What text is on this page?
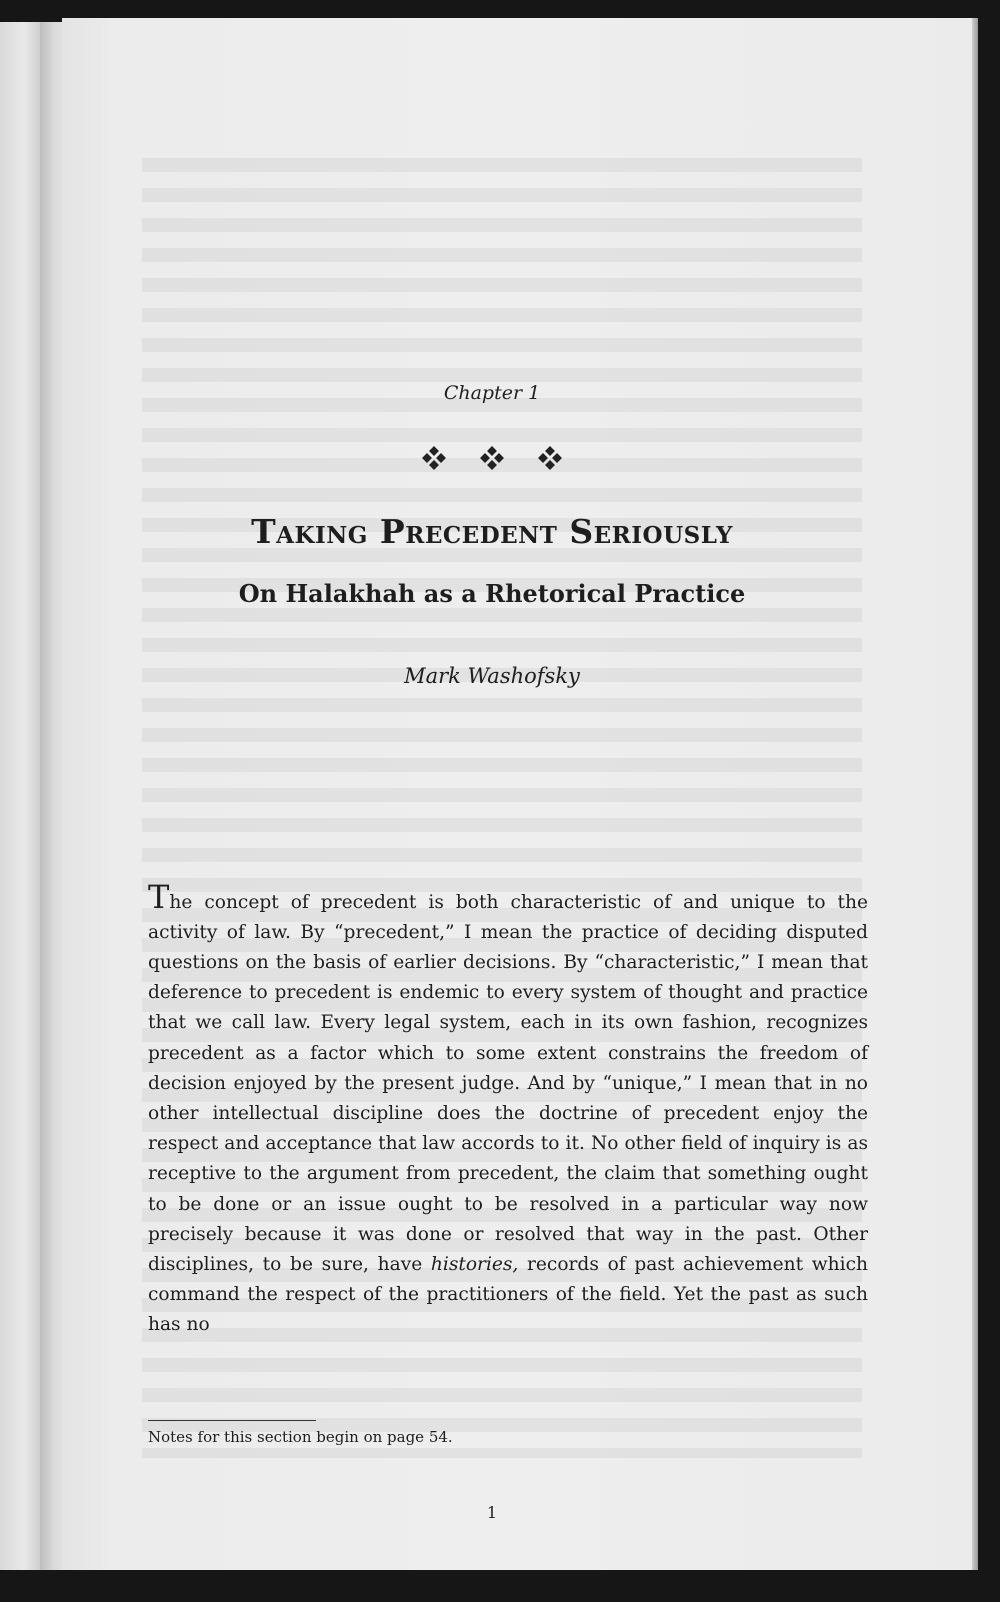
Chapter 1
Taking Precedent Seriously
On Halakhah as a Rhetorical Practice
Mark Washofsky

The concept of precedent is both characteristic of and unique to the activity of law. By “precedent,” I mean the practice of deciding disputed questions on the basis of earlier decisions. By “characteristic,” I mean that deference to precedent is endemic to every system of thought and practice that we call law. Every legal system, each in its own fashion, recognizes precedent as a factor which to some extent constrains the freedom of decision enjoyed by the present judge. And by “unique,” I mean that in no other intellectual discipline does the doctrine of precedent enjoy the respect and acceptance that law accords to it. No other field of inquiry is as receptive to the argument from precedent, the claim that something ought to be done or an issue ought to be resolved in a particular way now precisely because it was done or resolved that way in the past. Other disciplines, to be sure, have histories, records of past achievement which command the respect of the practitioners of the field. Yet the past as such has no

Notes for this section begin on page 54.
1
